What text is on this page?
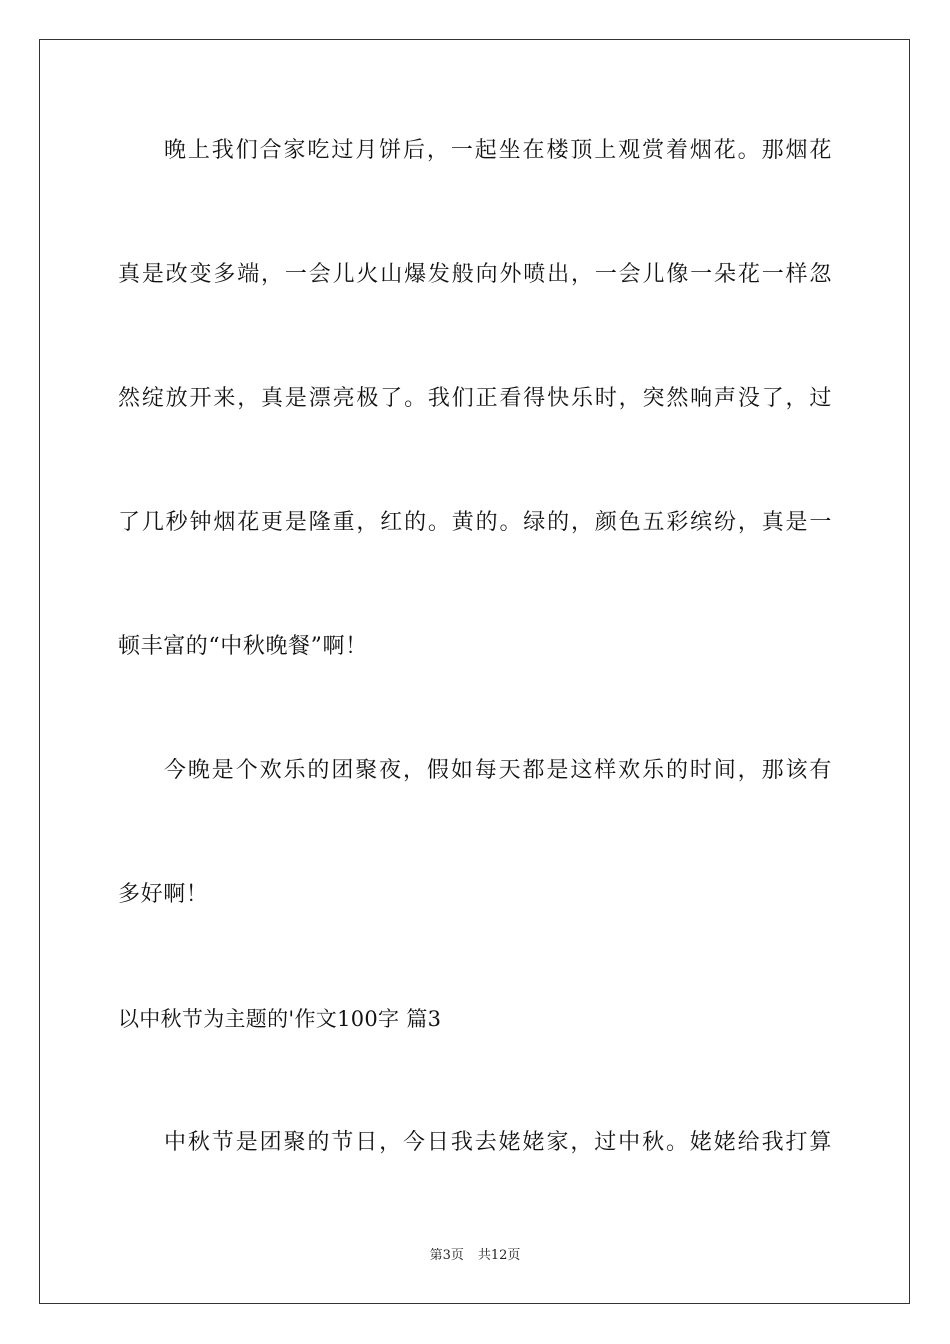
晚上我们合家吃过月饼后，一起坐在楼顶上观赏着烟花。那烟花
真是改变多端，一会儿火山爆发般向外喷出，一会儿像一朵花一样忽
然绽放开来，真是漂亮极了。我们正看得快乐时，突然响声没了，过
了几秒钟烟花更是隆重，红的。黄的。绿的，颜色五彩缤纷，真是一
顿丰富的“中秋晚餐”啊！
今晚是个欢乐的团聚夜，假如每天都是这样欢乐的时间，那该有
多好啊！
以中秋节为主题的'作文100字 篇3
中秋节是团聚的节日，今日我去姥姥家，过中秋。姥姥给我打算
第3页 共12页
